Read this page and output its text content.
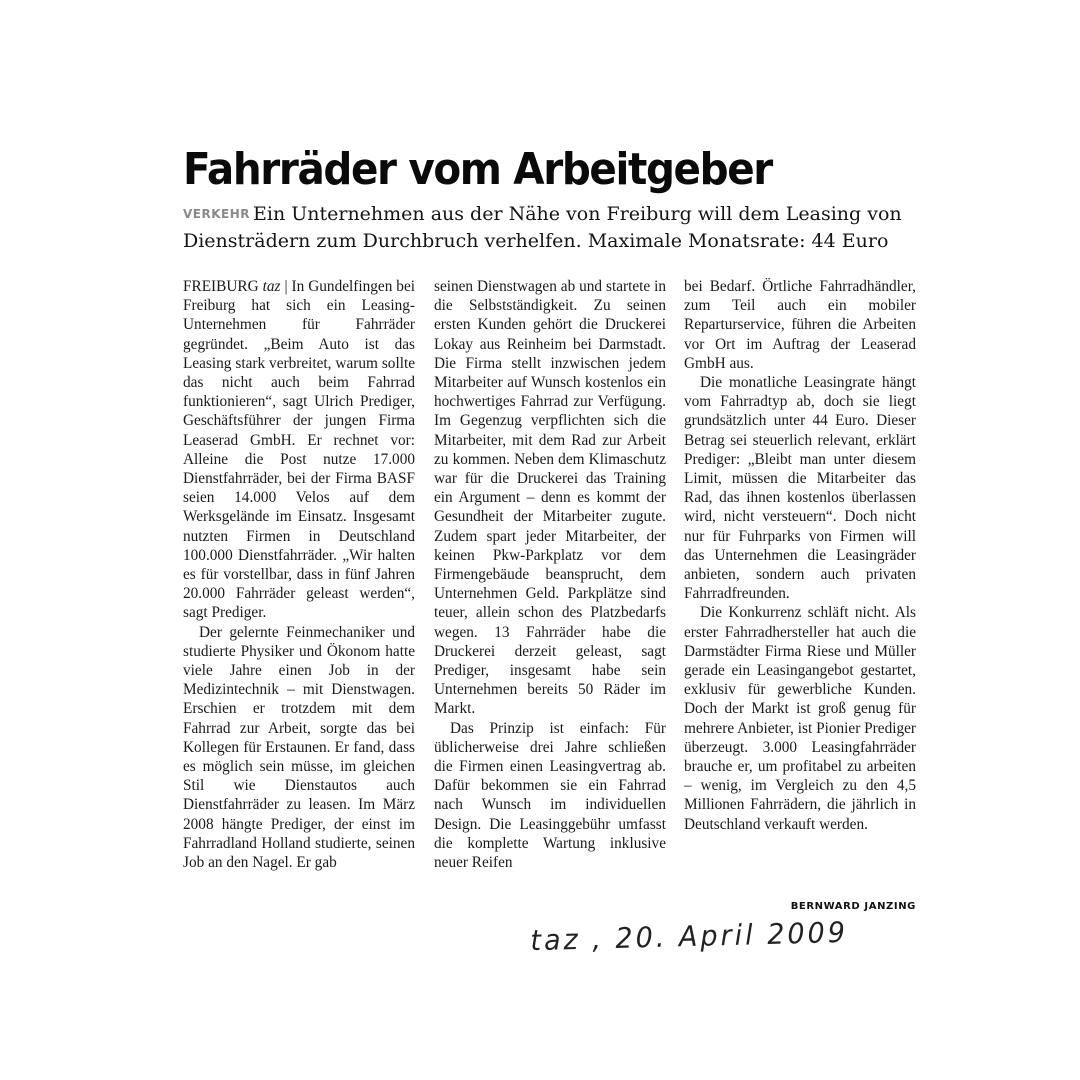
Fahrräder vom Arbeitgeber
VERKEHR Ein Unternehmen aus der Nähe von Freiburg will dem Leasing von
Diensträdern zum Durchbruch verhelfen. Maximale Monatsrate: 44 Euro

FREIBURG taz | In Gundelfingen bei Freiburg hat sich ein Leasing-Unternehmen für Fahrräder gegründet. „Beim Auto ist das Leasing stark verbreitet, warum sollte das nicht auch beim Fahrrad funktionieren“, sagt Ulrich Prediger, Geschäftsführer der jungen Firma Leaserad GmbH. Er rechnet vor: Alleine die Post nutze 17.000 Dienstfahrräder, bei der Firma BASF seien 14.000 Velos auf dem Werksgelände im Einsatz. Insgesamt nutzten Firmen in Deutschland 100.000 Dienstfahrräder. „Wir halten es für vorstellbar, dass in fünf Jahren 20.000 Fahrräder geleast werden“, sagt Prediger.

Der gelernte Feinmechaniker und studierte Physiker und Ökonom hatte viele Jahre einen Job in der Medizintechnik – mit Dienstwagen. Erschien er trotzdem mit dem Fahrrad zur Arbeit, sorgte das bei Kollegen für Erstaunen. Er fand, dass es möglich sein müsse, im gleichen Stil wie Dienstautos auch Dienstfahrräder zu leasen. Im März 2008 hängte Prediger, der einst im Fahrradland Holland studierte, seinen Job an den Nagel. Er gab

seinen Dienstwagen ab und startete in die Selbstständigkeit. Zu seinen ersten Kunden gehört die Druckerei Lokay aus Reinheim bei Darmstadt. Die Firma stellt inzwischen jedem Mitarbeiter auf Wunsch kostenlos ein hochwertiges Fahrrad zur Verfügung. Im Gegenzug verpflichten sich die Mitarbeiter, mit dem Rad zur Arbeit zu kommen. Neben dem Klimaschutz war für die Druckerei das Training ein Argument – denn es kommt der Gesundheit der Mitarbeiter zugute. Zudem spart jeder Mitarbeiter, der keinen Pkw-Parkplatz vor dem Firmengebäude beansprucht, dem Unternehmen Geld. Parkplätze sind teuer, allein schon des Platzbedarfs wegen. 13 Fahrräder habe die Druckerei derzeit geleast, sagt Prediger, insgesamt habe sein Unternehmen bereits 50 Räder im Markt.

Das Prinzip ist einfach: Für üblicherweise drei Jahre schließen die Firmen einen Leasingvertrag ab. Dafür bekommen sie ein Fahrrad nach Wunsch im individuellen Design. Die Leasinggebühr umfasst die komplette Wartung inklusive neuer Reifen

bei Bedarf. Örtliche Fahrradhändler, zum Teil auch ein mobiler Reparturservice, führen die Arbeiten vor Ort im Auftrag der Leaserad GmbH aus.

Die monatliche Leasingrate hängt vom Fahrradtyp ab, doch sie liegt grundsätzlich unter 44 Euro. Dieser Betrag sei steuerlich relevant, erklärt Prediger: „Bleibt man unter diesem Limit, müssen die Mitarbeiter das Rad, das ihnen kostenlos überlassen wird, nicht versteuern“. Doch nicht nur für Fuhrparks von Firmen will das Unternehmen die Leasingräder anbieten, sondern auch privaten Fahrradfreunden.

Die Konkurrenz schläft nicht. Als erster Fahrradhersteller hat auch die Darmstädter Firma Riese und Müller gerade ein Leasingangebot gestartet, exklusiv für gewerbliche Kunden. Doch der Markt ist groß genug für mehrere Anbieter, ist Pionier Prediger überzeugt. 3.000 Leasingfahrräder brauche er, um profitabel zu arbeiten – wenig, im Vergleich zu den 4,5 Millionen Fahrrädern, die jährlich in Deutschland verkauft werden.

BERNWARD JANZING
taz , 20. April 2009
